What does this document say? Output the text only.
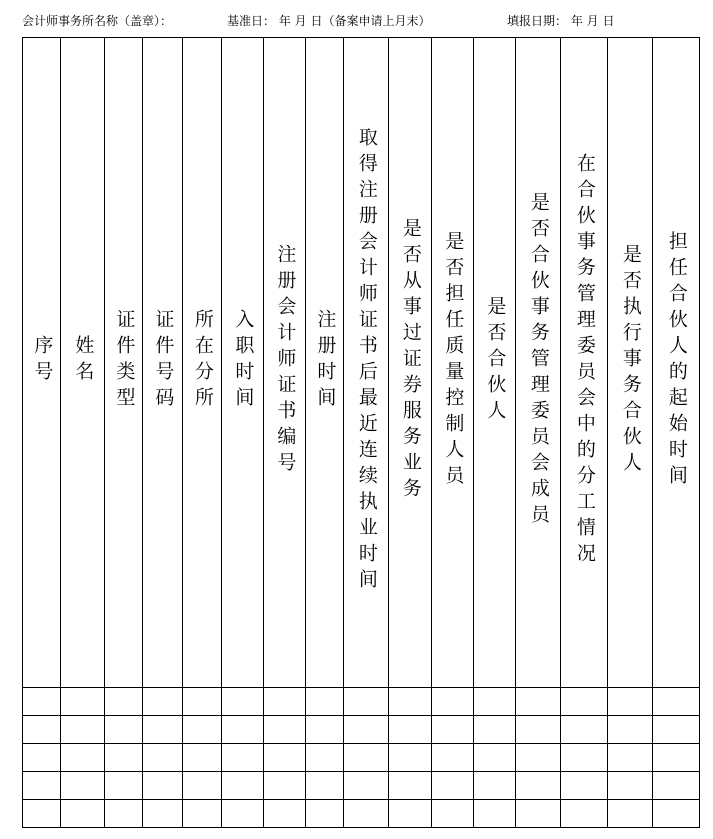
会计师事务所名称（盖章）：	基准日： 年 月 日（备案申请上月末）	填报日期： 年 月 日
序号	姓名	证件类型	证件号码	所在分所	入职时间	注册会计师证书编号	注册时间	取得注册会计师证书后最近连续执业时间	是否从事过证券服务业务	是否担任质量控制人员	是否合伙人	是否合伙事务管理委员会成员	在合伙事务管理委员会中的分工情况	是否执行事务合伙人	担任合伙人的起始时间
